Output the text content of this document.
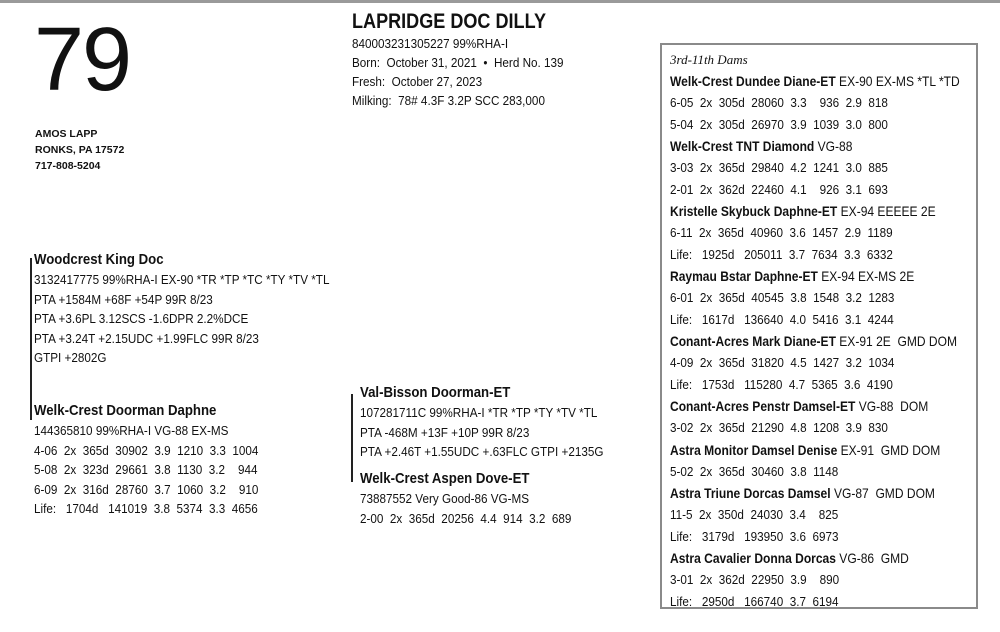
79
AMOS LAPP
RONKS, PA 17572
717-808-5204
LAPRIDGE DOC DILLY
840003231305227 99%RHA-I
Born:  October 31, 2021  •  Herd No. 139
Fresh:  October 27, 2023
Milking:  78# 4.3F 3.2P SCC 283,000
Woodcrest King Doc
3132417775 99%RHA-I EX-90 *TR *TP *TC *TY *TV *TL
PTA +1584M +68F +54P 99R 8/23
PTA +3.6PL 3.12SCS -1.6DPR 2.2%DCE
PTA +3.24T +2.15UDC +1.99FLC 99R 8/23
GTPI +2802G
Welk-Crest Doorman Daphne
144365810 99%RHA-I VG-88 EX-MS
4-06  2x  365d  30902  3.9  1210  3.3  1004
5-08  2x  323d  29661  3.8  1130  3.2    944
6-09  2x  316d  28760  3.7  1060  3.2    910
Life:   1704d   141019  3.8  5374  3.3  4656
Val-Bisson Doorman-ET
107281711C 99%RHA-I *TR *TP *TY *TV *TL
PTA -468M +13F +10P 99R 8/23
PTA +2.46T +1.55UDC +.63FLC GTPI +2135G
Welk-Crest Aspen Dove-ET
73887552 Very Good-86 VG-MS
2-00  2x  365d  20256  4.4  914  3.2  689
3rd-11th Dams
Welk-Crest Dundee Diane-ET EX-90 EX-MS *TL *TD
6-05  2x  305d  28060  3.3    936  2.9  818
5-04  2x  305d  26970  3.9  1039  3.0  800
Welk-Crest TNT Diamond VG-88
3-03  2x  365d  29840  4.2  1241  3.0  885
2-01  2x  362d  22460  4.1    926  3.1  693
Kristelle Skybuck Daphne-ET EX-94 EEEEE 2E
6-11  2x  365d  40960  3.6  1457  2.9  1189
Life:   1925d   205011  3.7  7634  3.3  6332
Raymau Bstar Daphne-ET EX-94 EX-MS 2E
6-01  2x  365d  40545  3.8  1548  3.2  1283
Life:   1617d   136640  4.0  5416  3.1  4244
Conant-Acres Mark Diane-ET EX-91 2E  GMD DOM
4-09  2x  365d  31820  4.5  1427  3.2  1034
Life:   1753d   115280  4.7  5365  3.6  4190
Conant-Acres Penstr Damsel-ET VG-88  DOM
3-02  2x  365d  21290  4.8  1208  3.9  830
Astra Monitor Damsel Denise EX-91  GMD DOM
5-02  2x  365d  30460  3.8  1148
Astra Triune Dorcas Damsel VG-87  GMD DOM
11-5  2x  350d  24030  3.4    825
Life:   3179d   193950  3.6  6973
Astra Cavalier Donna Dorcas VG-86  GMD
3-01  2x  362d  22950  3.9    890
Life:   2950d   166740  3.7  6194
